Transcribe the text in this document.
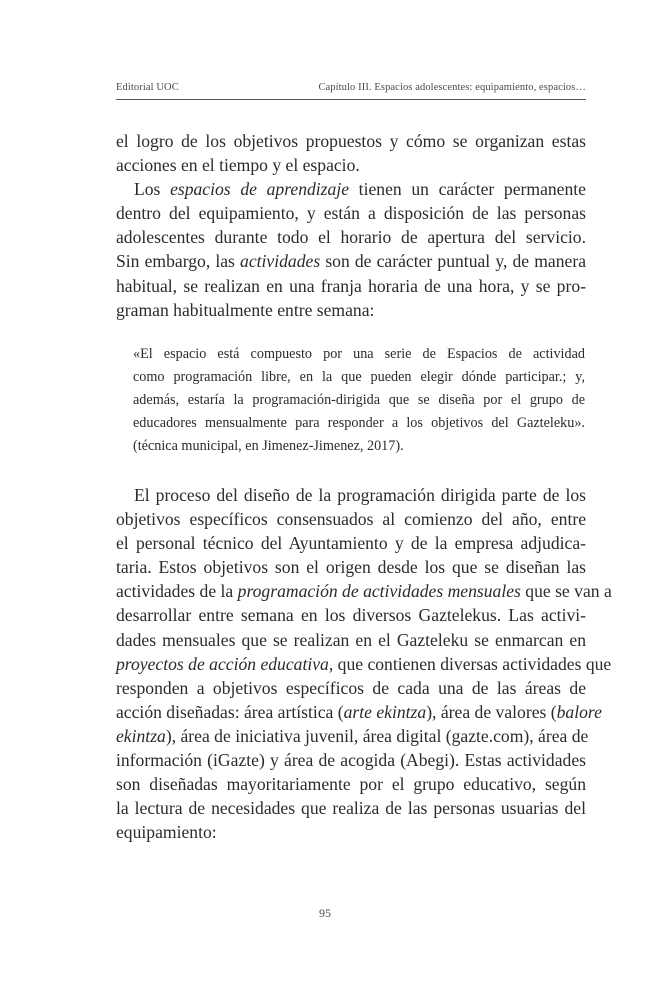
Editorial UOC	Capítulo III. Espacios adolescentes: equipamiento, espacios…
el logro de los objetivos propuestos y cómo se organizan estas
acciones en el tiempo y el espacio.
Los espacios de aprendizaje tienen un carácter permanente
dentro del equipamiento, y están a disposición de las personas
adolescentes durante todo el horario de apertura del servicio.
Sin embargo, las actividades son de carácter puntual y, de manera
habitual, se realizan en una franja horaria de una hora, y se pro-
graman habitualmente entre semana:
«El espacio está compuesto por una serie de Espacios de actividad
como programación libre, en la que pueden elegir dónde participar.; y,
además, estaría la programación-dirigida que se diseña por el grupo de
educadores mensualmente para responder a los objetivos del Gazteleku».
(técnica municipal, en Jimenez-Jimenez, 2017).
El proceso del diseño de la programación dirigida parte de los
objetivos específicos consensuados al comienzo del año, entre
el personal técnico del Ayuntamiento y de la empresa adjudica-
taria. Estos objetivos son el origen desde los que se diseñan las
actividades de la programación de actividades mensuales que se van a
desarrollar entre semana en los diversos Gaztelekus. Las activi-
dades mensuales que se realizan en el Gazteleku se enmarcan en
proyectos de acción educativa, que contienen diversas actividades que
responden a objetivos específicos de cada una de las áreas de
acción diseñadas: área artística (arte ekintza), área de valores (balore
ekintza), área de iniciativa juvenil, área digital (gazte.com), área de
información (iGazte) y área de acogida (Abegi). Estas actividades
son diseñadas mayoritariamente por el grupo educativo, según
la lectura de necesidades que realiza de las personas usuarias del
equipamiento:
95
